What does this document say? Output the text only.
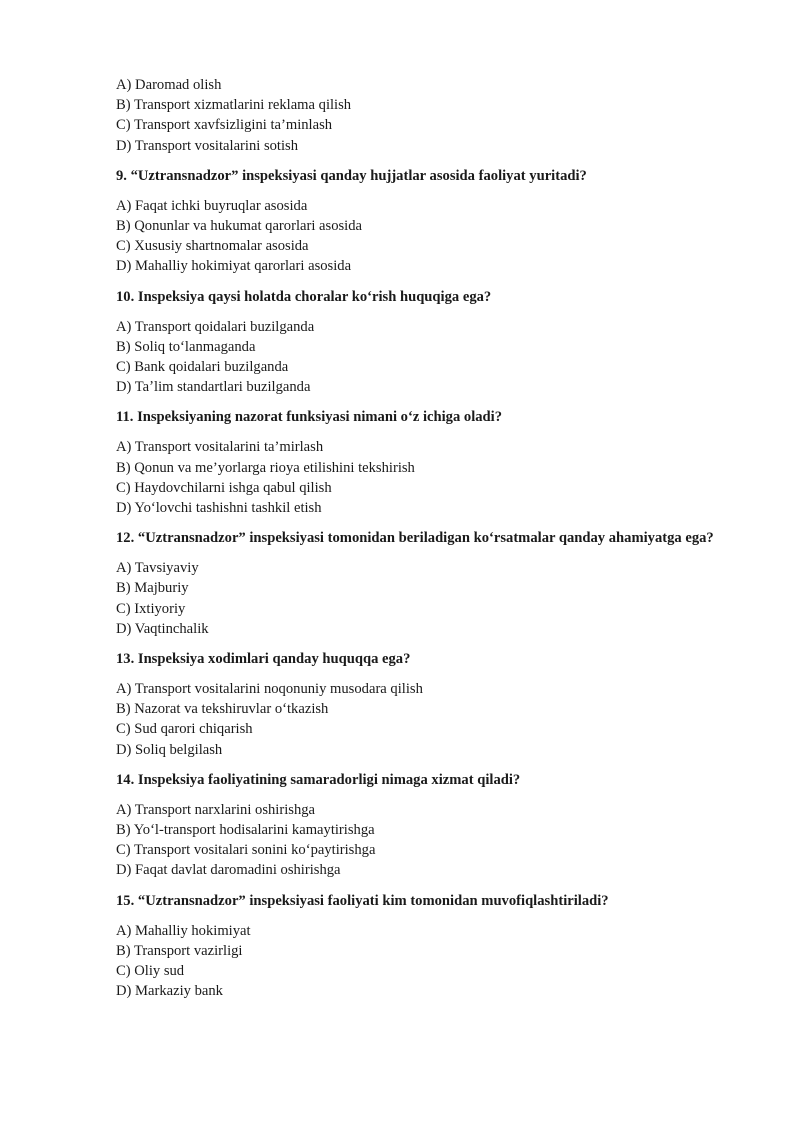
A) Daromad olish
B) Transport xizmatlarini reklama qilish
C) Transport xavfsizligini ta’minlash
D) Transport vositalarini sotish
9. “Uztransnadzor” inspeksiyasi qanday hujjatlar asosida faoliyat yuritadi?
A) Faqat ichki buyruqlar asosida
B) Qonunlar va hukumat qarorlari asosida
C) Xususiy shartnomalar asosida
D) Mahalliy hokimiyat qarorlari asosida
10. Inspeksiya qaysi holatda choralar koʻrish huquqiga ega?
A) Transport qoidalari buzilganda
B) Soliq toʻlanmaganda
C) Bank qoidalari buzilganda
D) Taʼlim standartlari buzilganda
11. Inspeksiyaning nazorat funksiyasi nimani oʻz ichiga oladi?
A) Transport vositalarini ta’mirlash
B) Qonun va me’yorlarga rioya etilishini tekshirish
C) Haydovchilarni ishga qabul qilish
D) Yoʻlovchi tashishni tashkil etish
12. “Uztransnadzor” inspeksiyasi tomonidan beriladigan koʻrsatmalar qanday ahamiyatga ega?
A) Tavsiyaviy
B) Majburiy
C) Ixtiyoriy
D) Vaqtinchalik
13. Inspeksiya xodimlari qanday huquqqa ega?
A) Transport vositalarini noqonuniy musodara qilish
B) Nazorat va tekshiruvlar oʻtkazish
C) Sud qarori chiqarish
D) Soliq belgilash
14. Inspeksiya faoliyatining samaradorligi nimaga xizmat qiladi?
A) Transport narxlarini oshirishga
B) Yoʻl-transport hodisalarini kamaytirishga
C) Transport vositalari sonini koʻpaytirishga
D) Faqat davlat daromadini oshirishga
15. “Uztransnadzor” inspeksiyasi faoliyati kim tomonidan muvofiqlashtiriladi?
A) Mahalliy hokimiyat
B) Transport vazirligi
C) Oliy sud
D) Markaziy bank
